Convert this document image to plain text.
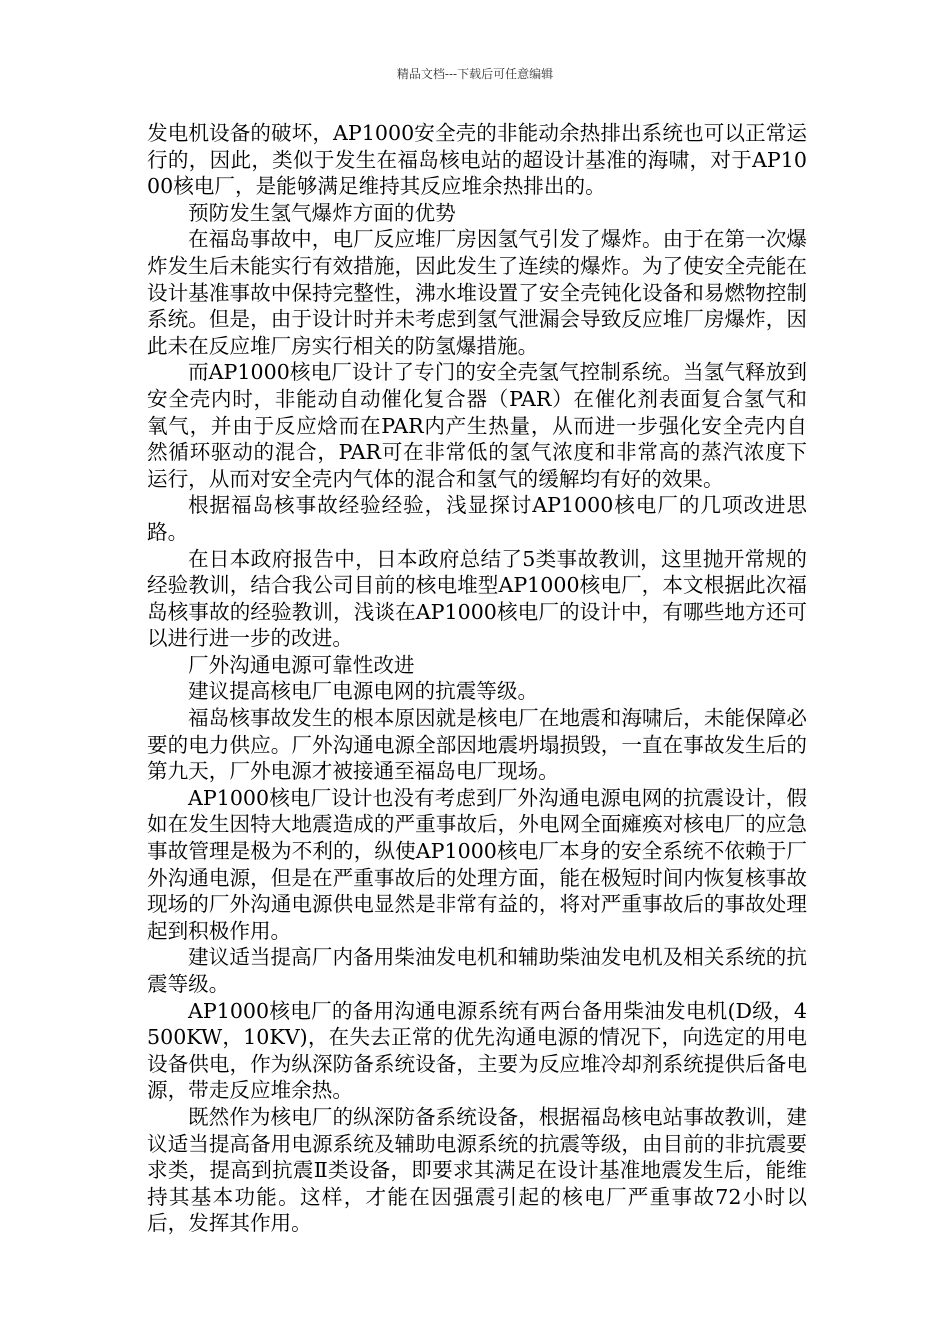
精品文档---下载后可任意编辑

发电机设备的破坏，AP1000安全壳的非能动余热排出系统也可以正常运行的，因此，类似于发生在福岛核电站的超设计基准的海啸，对于AP1000核电厂，是能够满足维持其反应堆余热排出的。

预防发生氢气爆炸方面的优势

在福岛事故中，电厂反应堆厂房因氢气引发了爆炸。由于在第一次爆炸发生后未能实行有效措施，因此发生了连续的爆炸。为了使安全壳能在设计基准事故中保持完整性，沸水堆设置了安全壳钝化设备和易燃物控制系统。但是，由于设计时并未考虑到氢气泄漏会导致反应堆厂房爆炸，因此未在反应堆厂房实行相关的防氢爆措施。

而AP1000核电厂设计了专门的安全壳氢气控制系统。当氢气释放到安全壳内时，非能动自动催化复合器（PAR）在催化剂表面复合氢气和氧气，并由于反应焓而在PAR内产生热量，从而进一步强化安全壳内自然循环驱动的混合，PAR可在非常低的氢气浓度和非常高的蒸汽浓度下运行，从而对安全壳内气体的混合和氢气的缓解均有好的效果。

根据福岛核事故经验经验，浅显探讨AP1000核电厂的几项改进思路。

在日本政府报告中，日本政府总结了5类事故教训，这里抛开常规的经验教训，结合我公司目前的核电堆型AP1000核电厂，本文根据此次福岛核事故的经验教训，浅谈在AP1000核电厂的设计中，有哪些地方还可以进行进一步的改进。

厂外沟通电源可靠性改进

建议提高核电厂电源电网的抗震等级。

福岛核事故发生的根本原因就是核电厂在地震和海啸后，未能保障必要的电力供应。厂外沟通电源全部因地震坍塌损毁，一直在事故发生后的第九天，厂外电源才被接通至福岛电厂现场。

AP1000核电厂设计也没有考虑到厂外沟通电源电网的抗震设计，假如在发生因特大地震造成的严重事故后，外电网全面瘫痪对核电厂的应急事故管理是极为不利的，纵使AP1000核电厂本身的安全系统不依赖于厂外沟通电源，但是在严重事故后的处理方面，能在极短时间内恢复核事故现场的厂外沟通电源供电显然是非常有益的，将对严重事故后的事故处理起到积极作用。

建议适当提高厂内备用柴油发电机和辅助柴油发电机及相关系统的抗震等级。

AP1000核电厂的备用沟通电源系统有两台备用柴油发电机(D级，4500KW，10KV)，在失去正常的优先沟通电源的情况下，向选定的用电设备供电，作为纵深防备系统设备，主要为反应堆冷却剂系统提供后备电源，带走反应堆余热。

既然作为核电厂的纵深防备系统设备，根据福岛核电站事故教训，建议适当提高备用电源系统及辅助电源系统的抗震等级，由目前的非抗震要求类，提高到抗震Ⅱ类设备，即要求其满足在设计基准地震发生后，能维持其基本功能。这样，才能在因强震引起的核电厂严重事故72小时以后，发挥其作用。
